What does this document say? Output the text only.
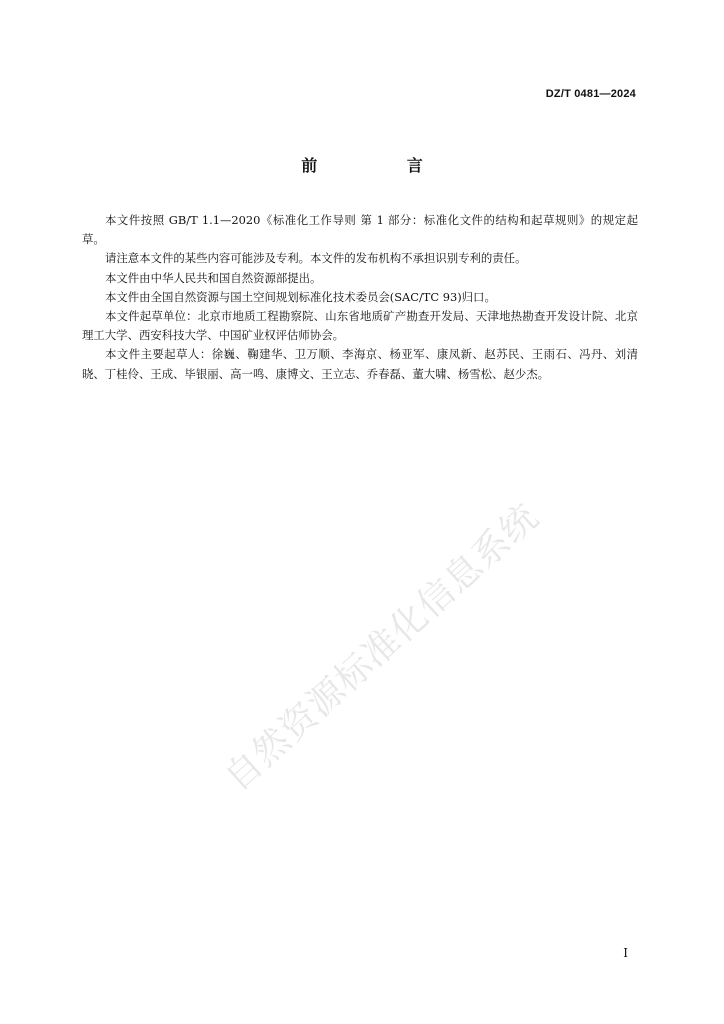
DZ/T 0481—2024
前 言

本文件按照 GB/T 1.1—2020《标准化工作导则 第 1 部分：标准化文件的结构和起草规则》的规定起草。

请注意本文件的某些内容可能涉及专利。本文件的发布机构不承担识别专利的责任。

本文件由中华人民共和国自然资源部提出。

本文件由全国自然资源与国土空间规划标准化技术委员会(SAC/TC 93)归口。

本文件起草单位：北京市地质工程勘察院、山东省地质矿产勘查开发局、天津地热勘查开发设计院、北京理工大学、西安科技大学、中国矿业权评估师协会。

本文件主要起草人：徐巍、鞠建华、卫万顺、李海京、杨亚军、康凤新、赵苏民、王雨石、冯丹、刘清晓、丁桂伶、王成、毕银丽、高一鸣、康博文、王立志、乔春磊、董大啸、杨雪松、赵少杰。

自然资源标准化信息系统
I
